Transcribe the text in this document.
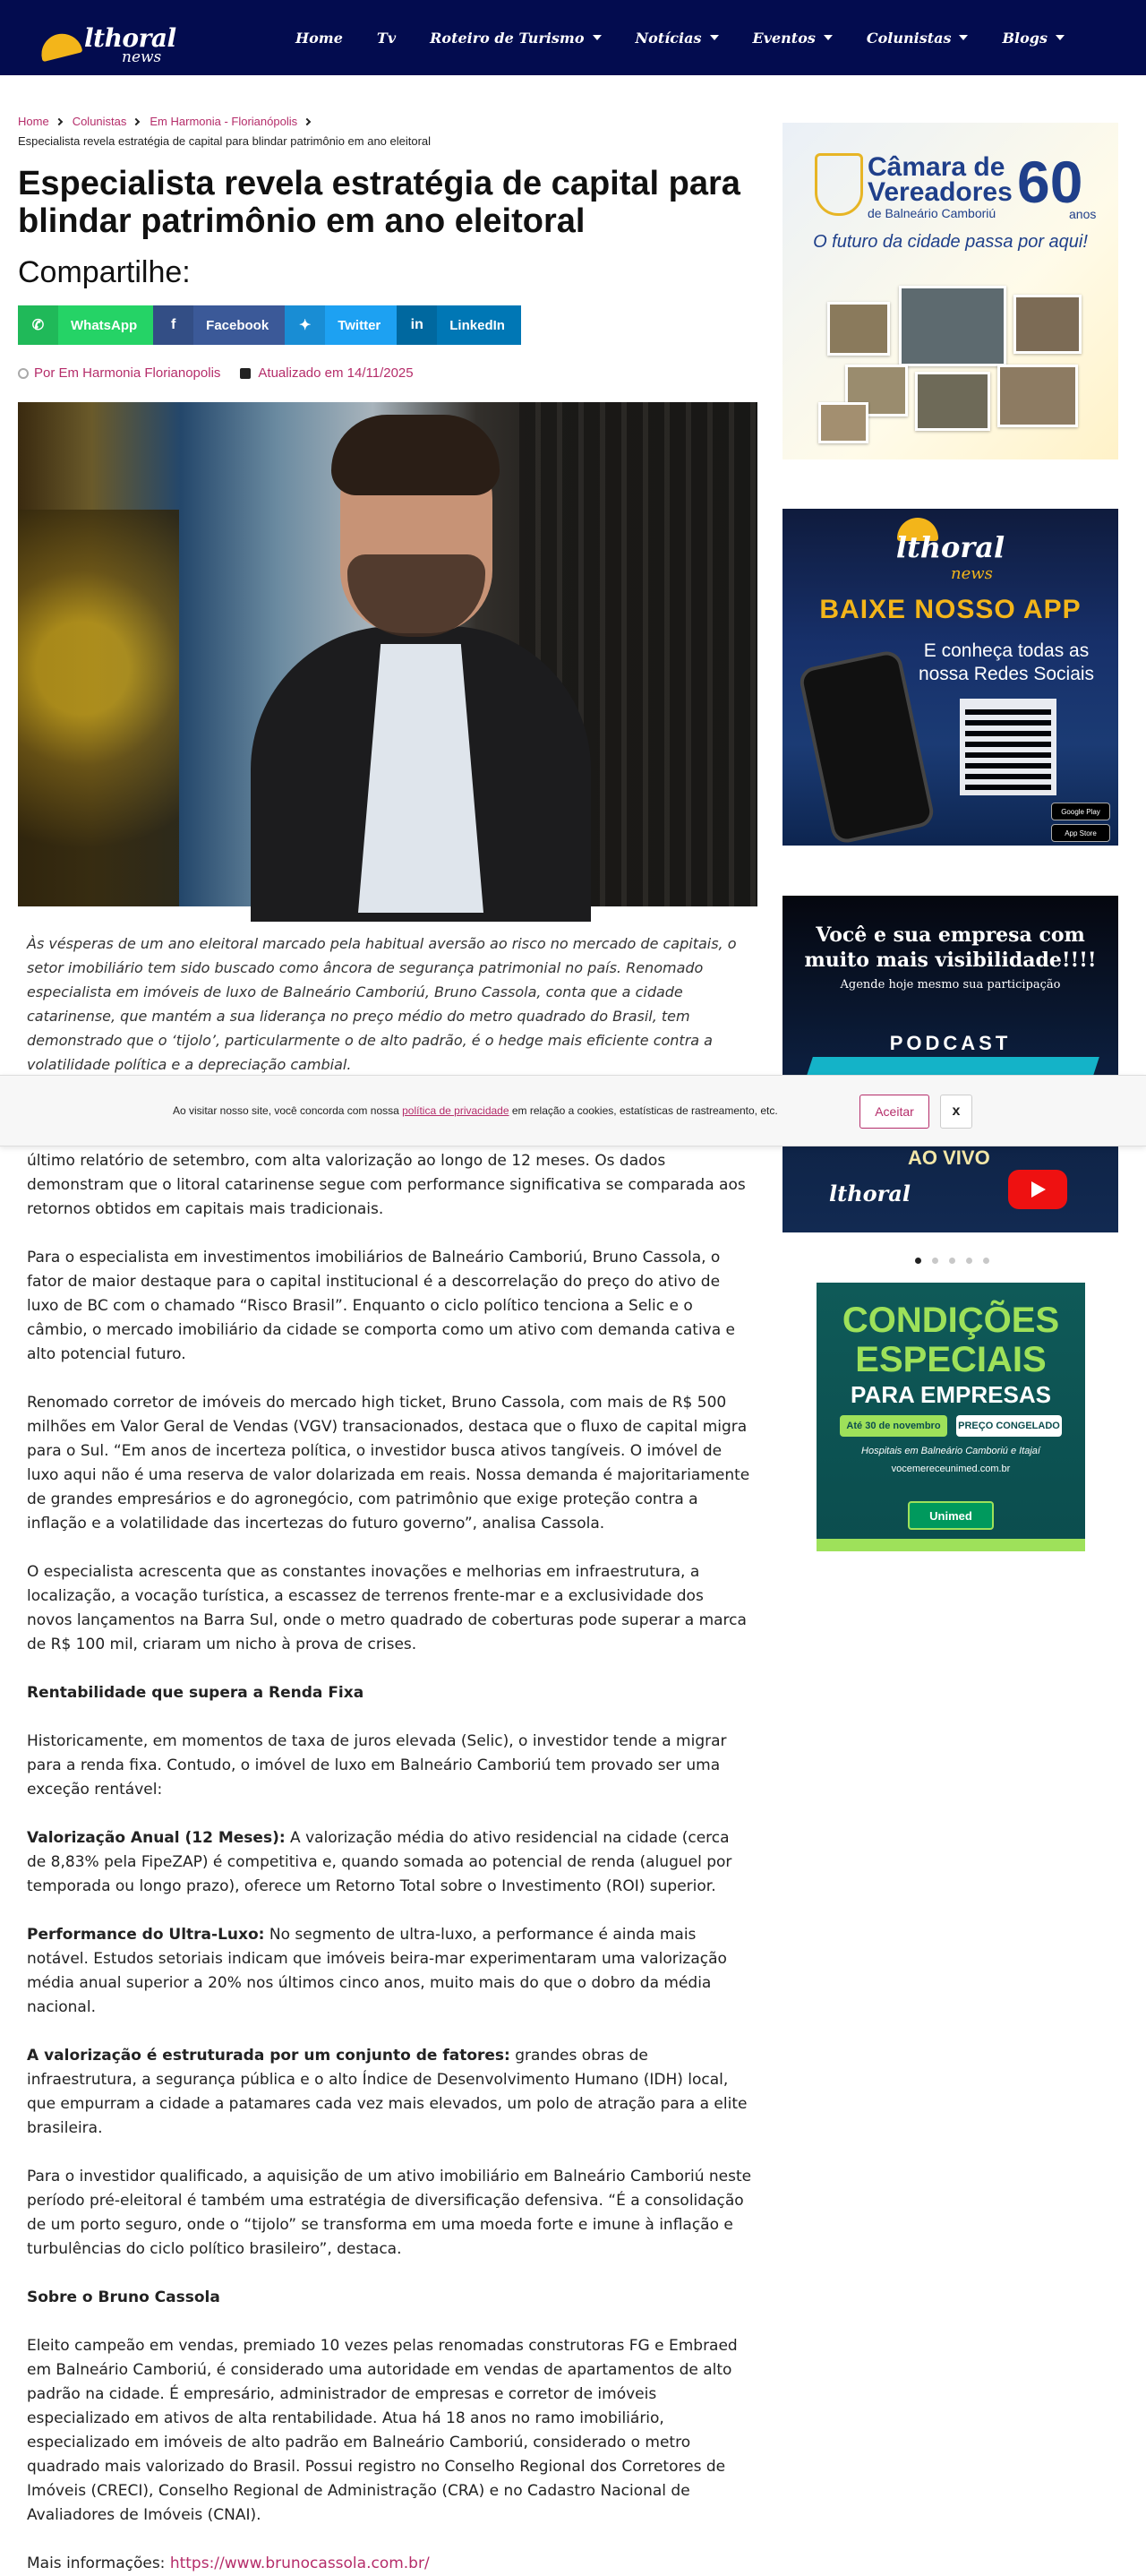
lthoral
news
Home Tv Roteiro de Turismo	Notícias	Eventos	Colunistas	Blogs
Home Colunistas Em Harmonia - Florianópolis
Especialista revela estratégia de capital para blindar patrimônio em ano eleitoral
Especialista revela estratégia de capital para blindar patrimônio em ano eleitoral
Compartilhe:
✆	WhatsApp	f	Facebook	✦	Twitter	in	LinkedIn
Por Em Harmonia Florianopolis	Atualizado em 14/11/2025

Às vésperas de um ano eleitoral marcado pela habitual aversão ao risco no mercado de capitais, o setor imobiliário tem sido buscado como âncora de segurança patrimonial no país. Renomado especialista em imóveis de luxo de Balneário Camboriú, Bruno Cassola, conta que a cidade catarinense, que mantém a sua liderança no preço médio do metro quadrado do Brasil, tem demonstrado que o ‘tijolo’, particularmente o de alto padrão, é o hedge mais eficiente contra a volatilidade política e a depreciação cambial.

último relatório de setembro, com alta valorização ao longo de 12 meses. Os dados demonstram que o litoral catarinense segue com performance significativa se comparada aos retornos obtidos em capitais mais tradicionais.

Para o especialista em investimentos imobiliários de Balneário Camboriú, Bruno Cassola, o fator de maior destaque para o capital institucional é a descorrelação do preço do ativo de luxo de BC com o chamado “Risco Brasil”. Enquanto o ciclo político tenciona a Selic e o câmbio, o mercado imobiliário da cidade se comporta como um ativo com demanda cativa e alto potencial futuro.

Renomado corretor de imóveis do mercado high ticket, Bruno Cassola, com mais de R$ 500 milhões em Valor Geral de Vendas (VGV) transacionados, destaca que o fluxo de capital migra para o Sul. “Em anos de incerteza política, o investidor busca ativos tangíveis. O imóvel de luxo aqui não é uma reserva de valor dolarizada em reais. Nossa demanda é majoritariamente de grandes empresários e do agronegócio, com patrimônio que exige proteção contra a inflação e a volatilidade das incertezas do futuro governo”, analisa Cassola.

O especialista acrescenta que as constantes inovações e melhorias em infraestrutura, a localização, a vocação turística, a escassez de terrenos frente-mar e a exclusividade dos novos lançamentos na Barra Sul, onde o metro quadrado de coberturas pode superar a marca de R$ 100 mil, criaram um nicho à prova de crises.

Rentabilidade que supera a Renda Fixa

Historicamente, em momentos de taxa de juros elevada (Selic), o investidor tende a migrar para a renda fixa. Contudo, o imóvel de luxo em Balneário Camboriú tem provado ser uma exceção rentável:

Valorização Anual (12 Meses): A valorização média do ativo residencial na cidade (cerca de 8,83% pela FipeZAP) é competitiva e, quando somada ao potencial de renda (aluguel por temporada ou longo prazo), oferece um Retorno Total sobre o Investimento (ROI) superior.

Performance do Ultra-Luxo: No segmento de ultra-luxo, a performance é ainda mais notável. Estudos setoriais indicam que imóveis beira-mar experimentaram uma valorização média anual superior a 20% nos últimos cinco anos, muito mais do que o dobro da média nacional.

A valorização é estruturada por um conjunto de fatores: grandes obras de infraestrutura, a segurança pública e o alto Índice de Desenvolvimento Humano (IDH) local, que empurram a cidade a patamares cada vez mais elevados, um polo de atração para a elite brasileira.

Para o investidor qualificado, a aquisição de um ativo imobiliário em Balneário Camboriú neste período pré-eleitoral é também uma estratégia de diversificação defensiva. “É a consolidação de um porto seguro, onde o “tijolo” se transforma em uma moeda forte e imune à inflação e turbulências do ciclo político brasileiro”, destaca.

Sobre o Bruno Cassola

Eleito campeão em vendas, premiado 10 vezes pelas renomadas construtoras FG e Embraed em Balneário Camboriú, é considerado uma autoridade em vendas de apartamentos de alto padrão na cidade. É empresário, administrador de empresas e corretor de imóveis especializado em ativos de alta rentabilidade. Atua há 18 anos no ramo imobiliário, especializado em imóveis de alto padrão em Balneário Camboriú, considerado o metro quadrado mais valorizado do Brasil. Possui registro no Conselho Regional dos Corretores de Imóveis (CRECI), Conselho Regional de Administração (CRA) e no Cadastro Nacional de Avaliadores de Imóveis (CNAI).

Mais informações: https://www.brunocassola.com.br/

Câmara de
Vereadores
de Balneário Camboriú 60
anos
O futuro da cidade passa por aqui!
lthoral
news
BAIXE NOSSO APP
E conheça todas as nossa Redes Sociais
Google Play
App Store
Você e sua empresa com muito mais visibilidade!!!!
Agende hoje mesmo sua participação
PODCAST
AO VIVO
lthoral
CONDIÇÕES ESPECIAIS
PARA EMPRESAS
Até 30 de novembro	PREÇO CONGELADO
Hospitais em Balneário Camboriú e Itajaí
vocemereceunimed.com.br
Unimed
Ao visitar nosso site, você concorda com nossa política de privacidade em relação a cookies, estatísticas de rastreamento, etc.	Aceitar	x
